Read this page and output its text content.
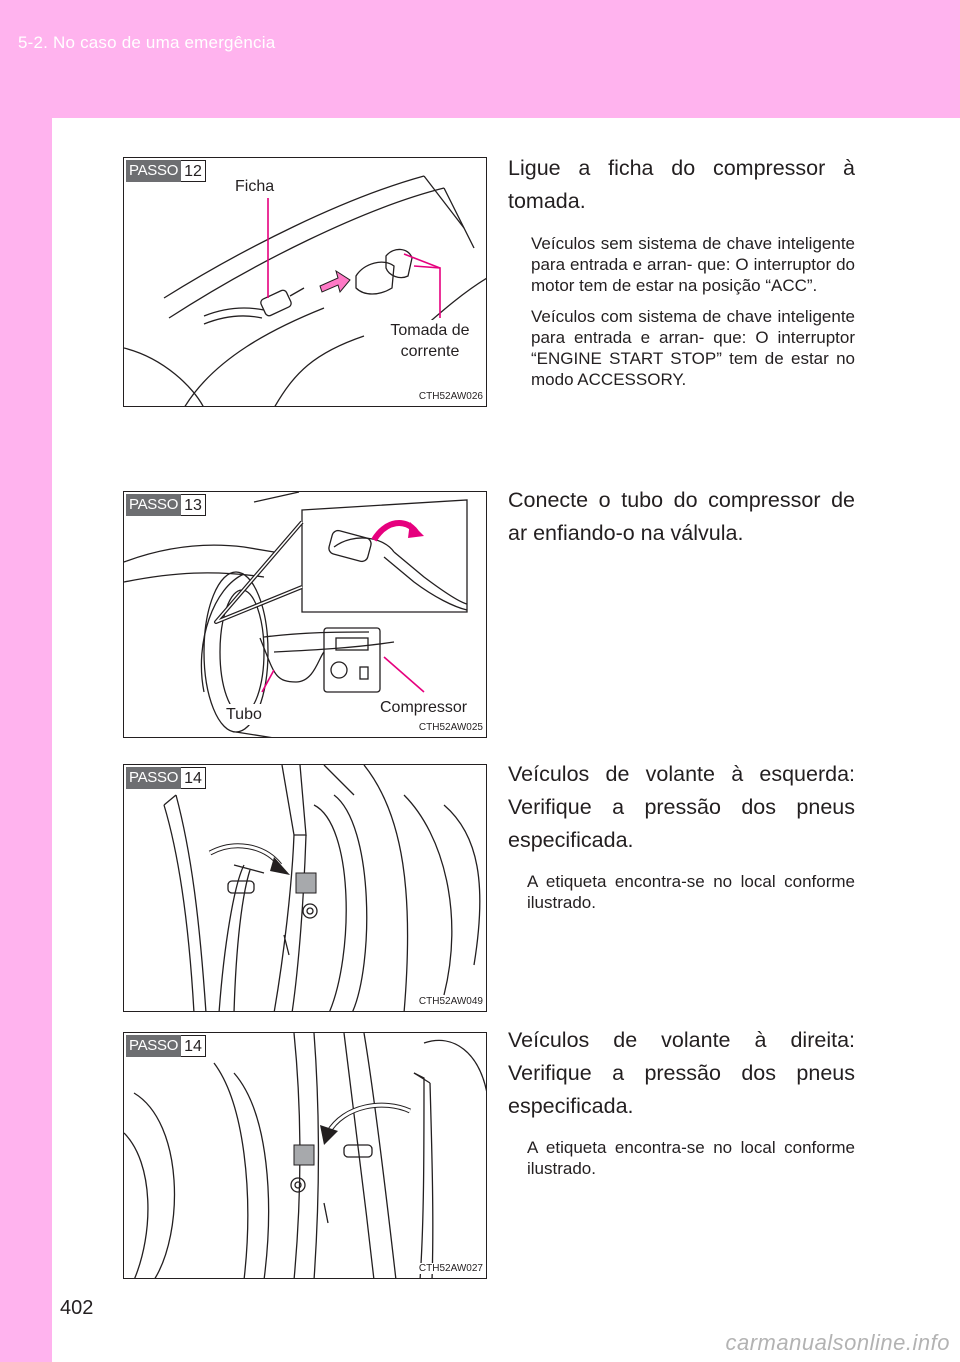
5-2. No caso de uma emergência
PASSO 12
Ficha
Tomada de corrente
CTH52AW026

Ligue a ficha do compressor à tomada.

Veículos sem sistema de chave inteligente para entrada e arran- que: O interruptor do motor tem de estar na posição “ACC”.

Veículos com sistema de chave inteligente para entrada e arran- que: O interruptor “ENGINE START STOP” tem de estar no modo ACCESSORY.

PASSO 13
Tubo	Compressor
CTH52AW025

Conecte o tubo do compressor de ar enfiando-o na válvula.

PASSO 14
CTH52AW049

Veículos de volante à esquerda: Verifique a pressão dos pneus especificada.

A etiqueta encontra-se no local conforme ilustrado.

PASSO 14
CTH52AW027

Veículos de volante à direita: Verifique a pressão dos pneus especificada.

A etiqueta encontra-se no local conforme ilustrado.

402
carmanualsonline.info
